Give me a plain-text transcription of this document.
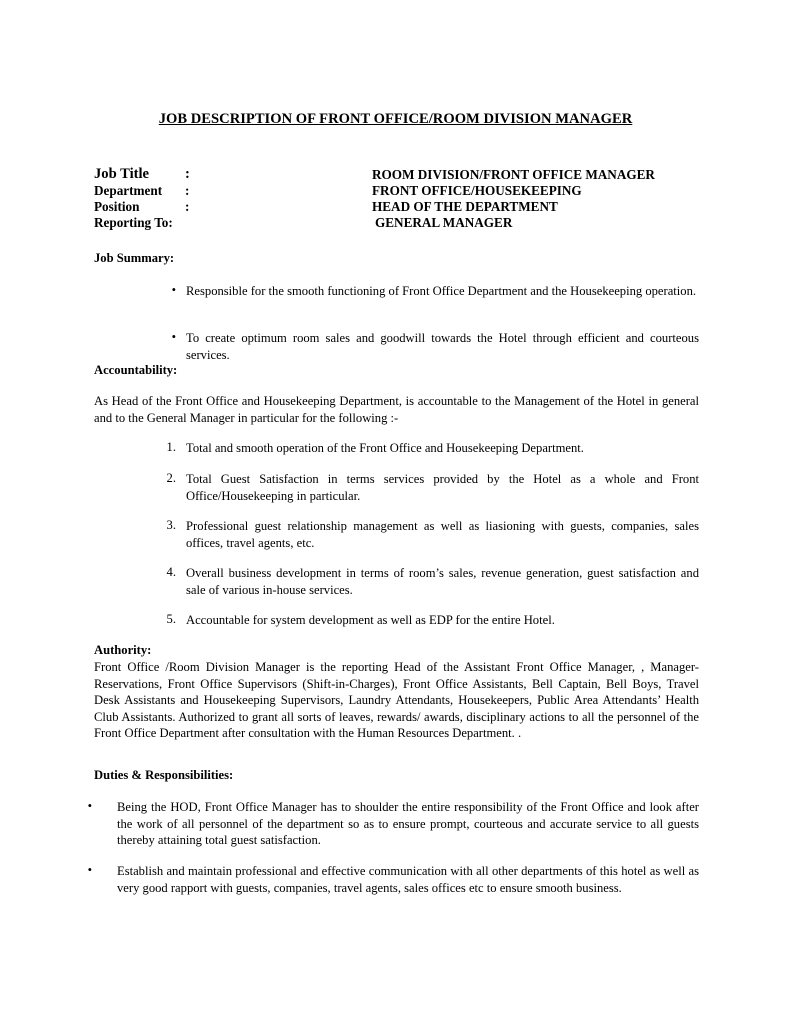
JOB DESCRIPTION OF FRONT OFFICE/ROOM DIVISION MANAGER
Job Title :	ROOM DIVISION/FRONT OFFICE MANAGER
Department :	FRONT OFFICE/HOUSEKEEPING
Position	:	HEAD OF THE DEPARTMENT
Reporting To:	GENERAL MANAGER
Job Summary:
• Responsible for the smooth functioning of Front Office Department and the Housekeeping operation.
• To create optimum room sales and goodwill towards the Hotel through efficient and courteous services.
Accountability:
As Head of the Front Office and Housekeeping Department, is accountable to the Management of the Hotel in general and to the General Manager in particular for the following :-
1. Total and smooth operation of the Front Office and Housekeeping Department.
2. Total Guest Satisfaction in terms services provided by the Hotel as a whole and Front Office/Housekeeping in particular.
3. Professional guest relationship management as well as liasioning with guests, companies, sales offices, travel agents, etc.
4. Overall business development in terms of room’s sales, revenue generation, guest satisfaction and sale of various in-house services.
5. Accountable for system development as well as EDP for the entire Hotel.
Authority:
Front Office /Room Division Manager is the reporting Head of the Assistant Front Office Manager, , Manager-Reservations, Front Office Supervisors (Shift-in-Charges), Front Office Assistants, Bell Captain, Bell Boys, Travel Desk Assistants and Housekeeping Supervisors, Laundry Attendants, Housekeepers, Public Area Attendants’ Health Club Assistants. Authorized to grant all sorts of leaves, rewards/ awards, disciplinary actions to all the personnel of the Front Office Department after consultation with the Human Resources Department. .
Duties & Responsibilities:
• Being the HOD, Front Office Manager has to shoulder the entire responsibility of the Front Office and look after the work of all personnel of the department so as to ensure prompt, courteous and accurate service to all guests thereby attaining total guest satisfaction.
• Establish and maintain professional and effective communication with all other departments of this hotel as well as very good rapport with guests, companies, travel agents, sales offices etc to ensure smooth business.
